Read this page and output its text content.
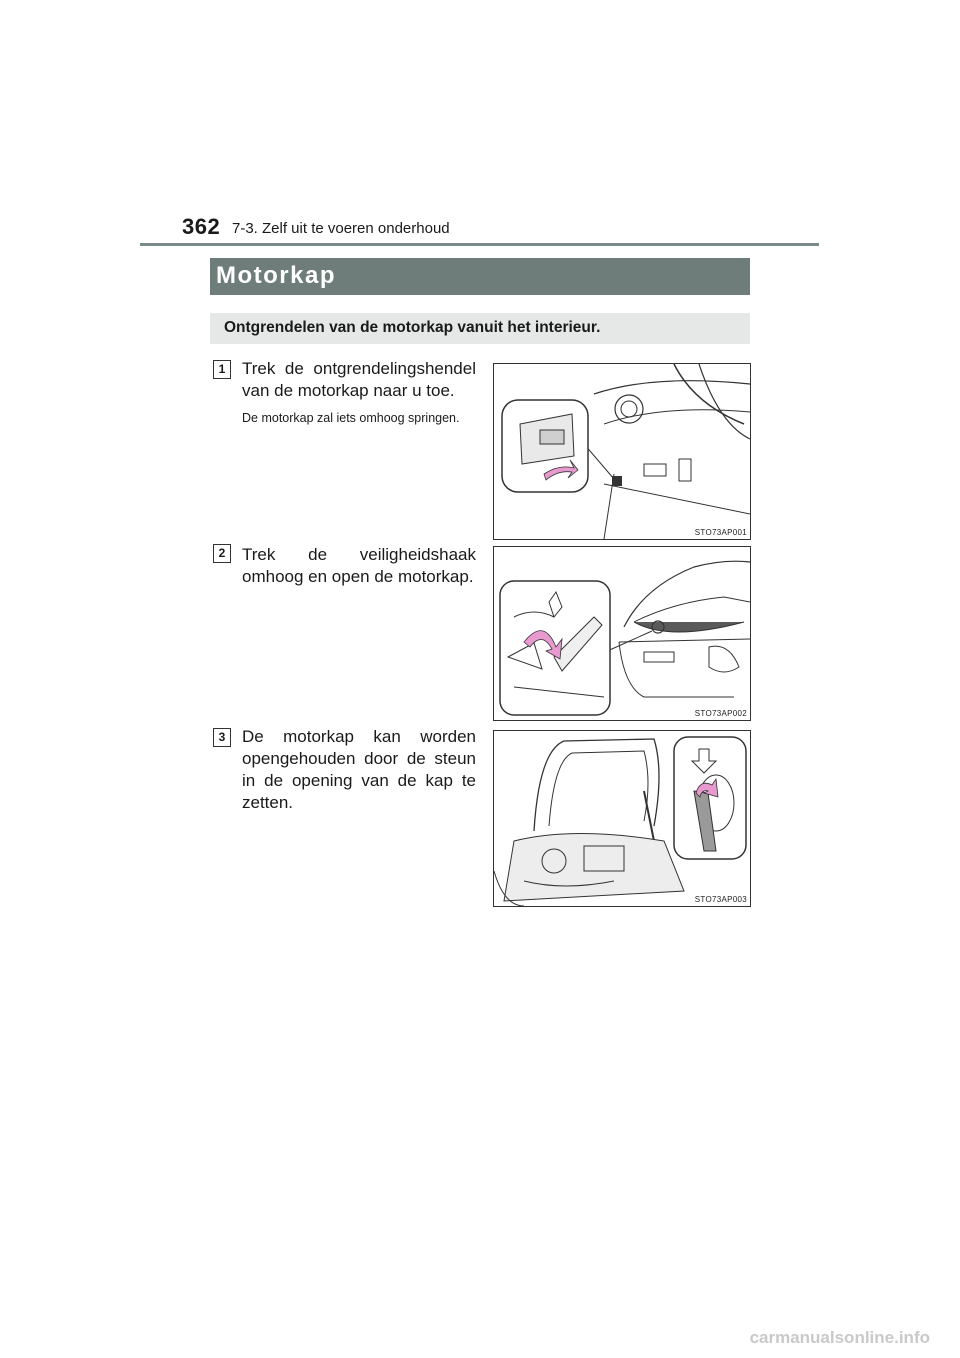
362 7-3. Zelf uit te voeren onderhoud
Motorkap
Ontgrendelen van de motorkap vanuit het interieur.
1 Trek de ontgrendelingshendel van de motorkap naar u toe.
De motorkap zal iets omhoog springen.
STO73AP001
2 Trek de veiligheidshaak omhoog en open de motorkap.
STO73AP002
3 De motorkap kan worden opengehouden door de steun in de opening van de kap te zetten.
STO73AP003
carmanualsonline.info
